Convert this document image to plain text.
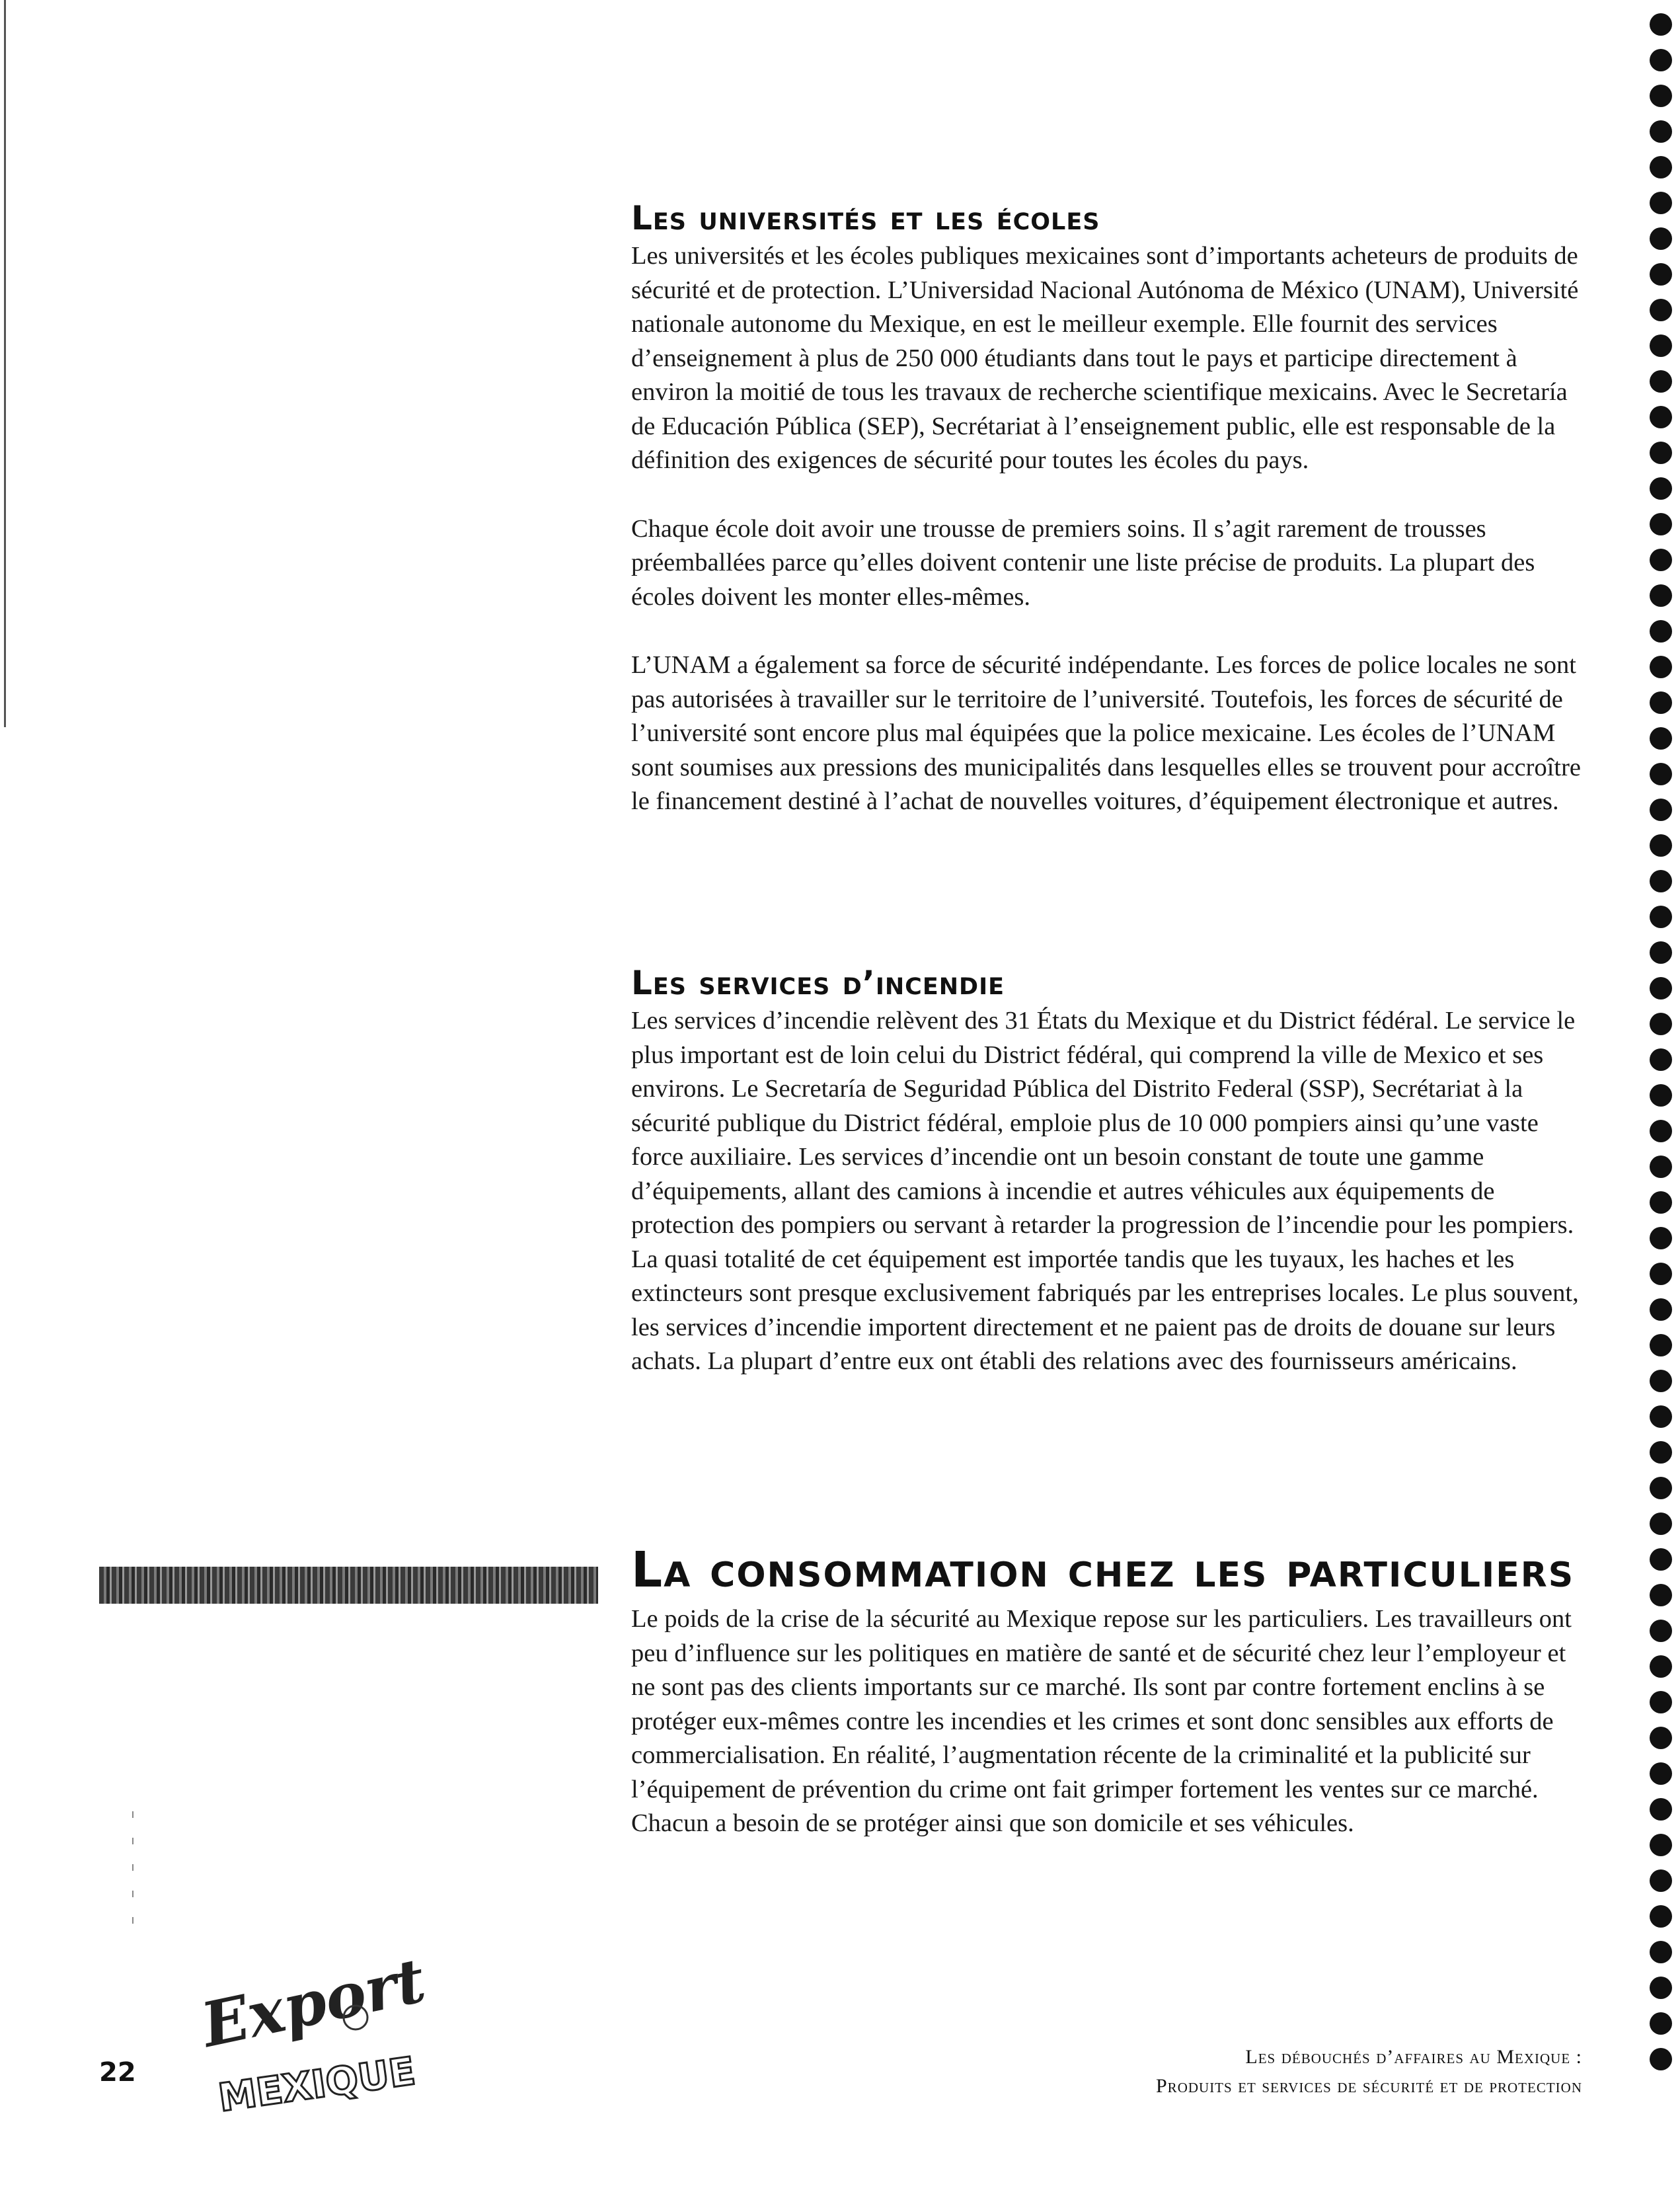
Les universités et les écoles

Les universités et les écoles publiques mexicaines sont d’importants acheteurs de produits de sécurité et de protection. L’Universidad Nacional Autónoma de México (UNAM), Université nationale autonome du Mexique, en est le meilleur exemple. Elle fournit des services d’enseignement à plus de 250 000 étudiants dans tout le pays et participe directement à environ la moitié de tous les travaux de recherche scientifique mexicains. Avec le Secretaría de Educación Pública (SEP), Secrétariat à l’enseignement public, elle est responsable de la définition des exigences de sécurité pour toutes les écoles du pays.

Chaque école doit avoir une trousse de premiers soins. Il s’agit rarement de trousses préemballées parce qu’elles doivent contenir une liste précise de produits. La plupart des écoles doivent les monter elles-mêmes.

L’UNAM a également sa force de sécurité indépendante. Les forces de police locales ne sont pas autorisées à travailler sur le territoire de l’université. Toutefois, les forces de sécurité de l’université sont encore plus mal équipées que la police mexicaine. Les écoles de l’UNAM sont soumises aux pressions des municipalités dans lesquelles elles se trouvent pour accroître le financement destiné à l’achat de nouvelles voitures, d’équipement électronique et autres.

Les services d’incendie

Les services d’incendie relèvent des 31 États du Mexique et du District fédéral. Le service le plus important est de loin celui du District fédéral, qui comprend la ville de Mexico et ses environs. Le Secretaría de Seguridad Pública del Distrito Federal (SSP), Secrétariat à la sécurité publique du District fédéral, emploie plus de 10 000 pompiers ainsi qu’une vaste force auxiliaire. Les services d’incendie ont un besoin constant de toute une gamme d’équipements, allant des camions à incendie et autres véhicules aux équipements de protection des pompiers ou servant à retarder la progression de l’incendie pour les pompiers. La quasi totalité de cet équipement est importée tandis que les tuyaux, les haches et les extincteurs sont presque exclusivement fabriqués par les entreprises locales. Le plus souvent, les services d’incendie importent directement et ne paient pas de droits de douane sur leurs achats. La plupart d’entre eux ont établi des relations avec des fournisseurs américains.

La consommation chez les particuliers

Le poids de la crise de la sécurité au Mexique repose sur les particuliers. Les travailleurs ont peu d’influence sur les politiques en matière de santé et de sécurité chez leur l’employeur et ne sont pas des clients importants sur ce marché. Ils sont par contre fortement enclins à se protéger eux-mêmes contre les incendies et les crimes et sont donc sensibles aux efforts de commercialisation. En réalité, l’augmentation récente de la criminalité et la publicité sur l’équipement de prévention du crime ont fait grimper fortement les ventes sur ce marché. Chacun a besoin de se protéger ainsi que son domicile et ses véhicules.

22
Export
MEXIQUE	Les débouchés d’affaires au Mexique :
Produits et services de sécurité et de protection
